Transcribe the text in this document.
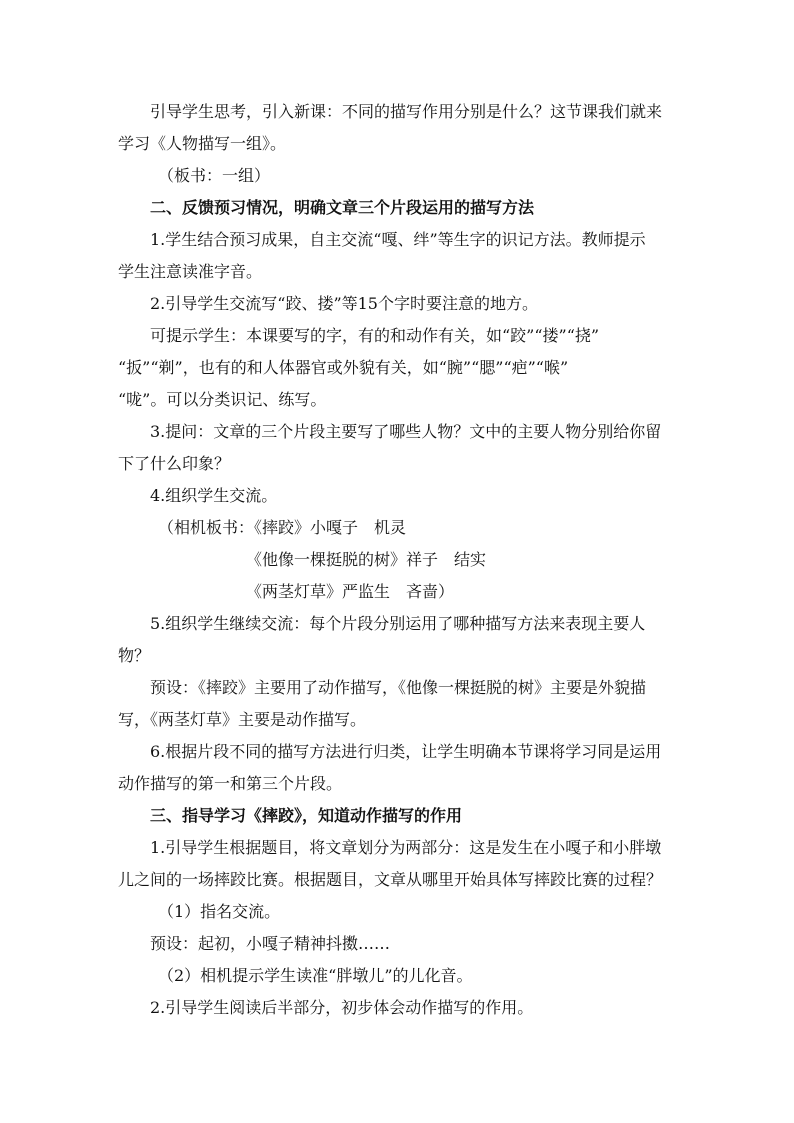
引导学生思考，引入新课：不同的描写作用分别是什么？这节课我们就来
学习《人物描写一组》。
（板书：一组）
二、反馈预习情况，明确文章三个片段运用的描写方法
1.学生结合预习成果，自主交流“嘎、绊”等生字的识记方法。教师提示
学生注意读准字音。
2.引导学生交流写“跤、搂”等15个字时要注意的地方。
可提示学生：本课要写的字，有的和动作有关，如“跤”“搂”“挠”
“扳”“剃”，也有的和人体器官或外貌有关，如“腕”“腮”“疤”“喉”
“咙”。可以分类识记、练写。
3.提问：文章的三个片段主要写了哪些人物？文中的主要人物分别给你留
下了什么印象？
4.组织学生交流。
（相机板书：《摔跤》小嘎子　机灵
《他像一棵挺脱的树》祥子　结实
《两茎灯草》严监生　吝啬）
5.组织学生继续交流：每个片段分别运用了哪种描写方法来表现主要人
物？
预设：《摔跤》主要用了动作描写，《他像一棵挺脱的树》主要是外貌描
写，《两茎灯草》主要是动作描写。
6.根据片段不同的描写方法进行归类，让学生明确本节课将学习同是运用
动作描写的第一和第三个片段。
三、指导学习《摔跤》，知道动作描写的作用
1.引导学生根据题目，将文章划分为两部分：这是发生在小嘎子和小胖墩
儿之间的一场摔跤比赛。根据题目，文章从哪里开始具体写摔跤比赛的过程？
（1）指名交流。
预设：起初，小嘎子精神抖擞……
（2）相机提示学生读准“胖墩儿”的儿化音。
2.引导学生阅读后半部分，初步体会动作描写的作用。
